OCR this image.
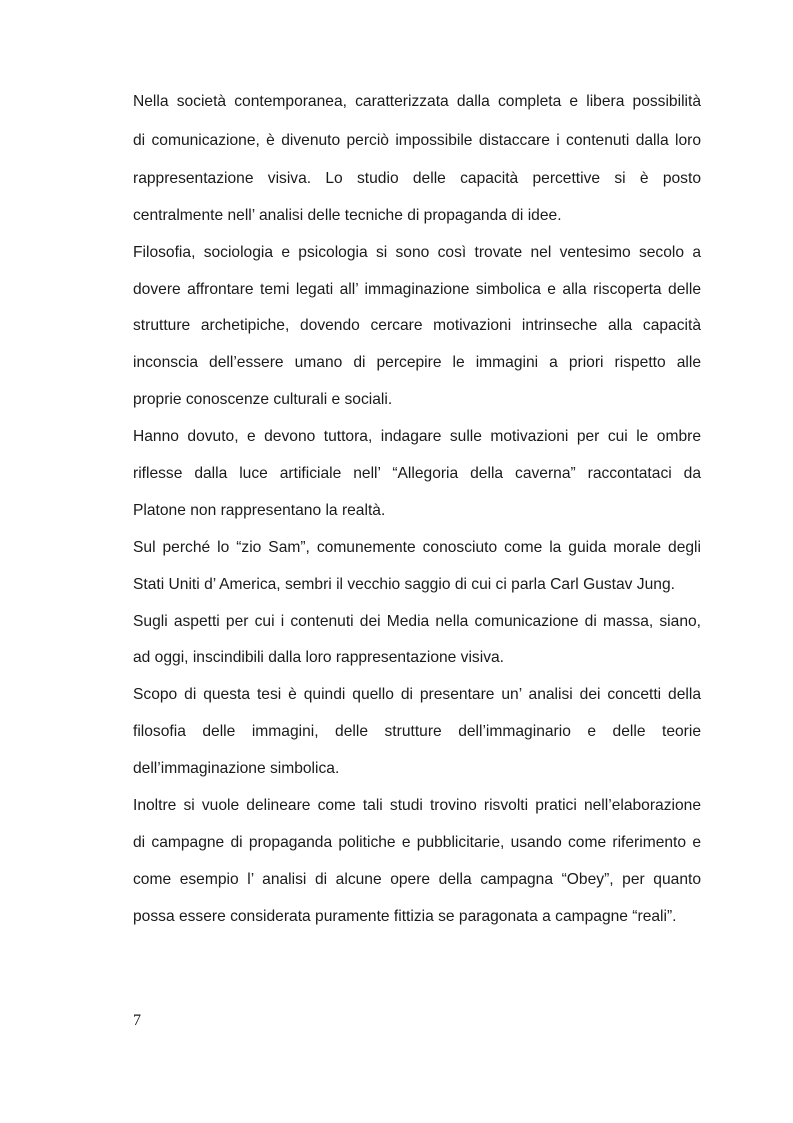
Nella società contemporanea, caratterizzata dalla completa e libera possibilità

di comunicazione, è divenuto perciò impossibile distaccare i contenuti dalla loro

rappresentazione visiva. Lo studio delle capacità percettive si è posto

centralmente nell’ analisi delle tecniche di propaganda di idee.

Filosofia, sociologia e psicologia si sono così trovate nel ventesimo secolo a

dovere affrontare temi legati all’ immaginazione simbolica e alla riscoperta delle

strutture archetipiche, dovendo cercare motivazioni intrinseche alla capacità

inconscia dell’essere umano di percepire le immagini a priori rispetto alle

proprie conoscenze culturali e sociali.

Hanno dovuto, e devono tuttora, indagare sulle motivazioni per cui le ombre

riflesse dalla luce artificiale nell’ “Allegoria della caverna” raccontataci da

Platone non rappresentano la realtà.

Sul perché lo “zio Sam”, comunemente conosciuto come la guida morale degli

Stati Uniti d’ America, sembri il vecchio saggio di cui ci parla Carl Gustav Jung.

Sugli aspetti per cui i contenuti dei Media nella comunicazione di massa, siano,

ad oggi, inscindibili dalla loro rappresentazione visiva.

Scopo di questa tesi è quindi quello di presentare un’ analisi dei concetti della

filosofia delle immagini, delle strutture dell’immaginario e delle teorie

dell’immaginazione simbolica.

Inoltre si vuole delineare come tali studi trovino risvolti pratici nell’elaborazione

di campagne di propaganda politiche e pubblicitarie, usando come riferimento e

come esempio l’ analisi di alcune opere della campagna “Obey”, per quanto

possa essere considerata puramente fittizia se paragonata a campagne “reali”.

7
